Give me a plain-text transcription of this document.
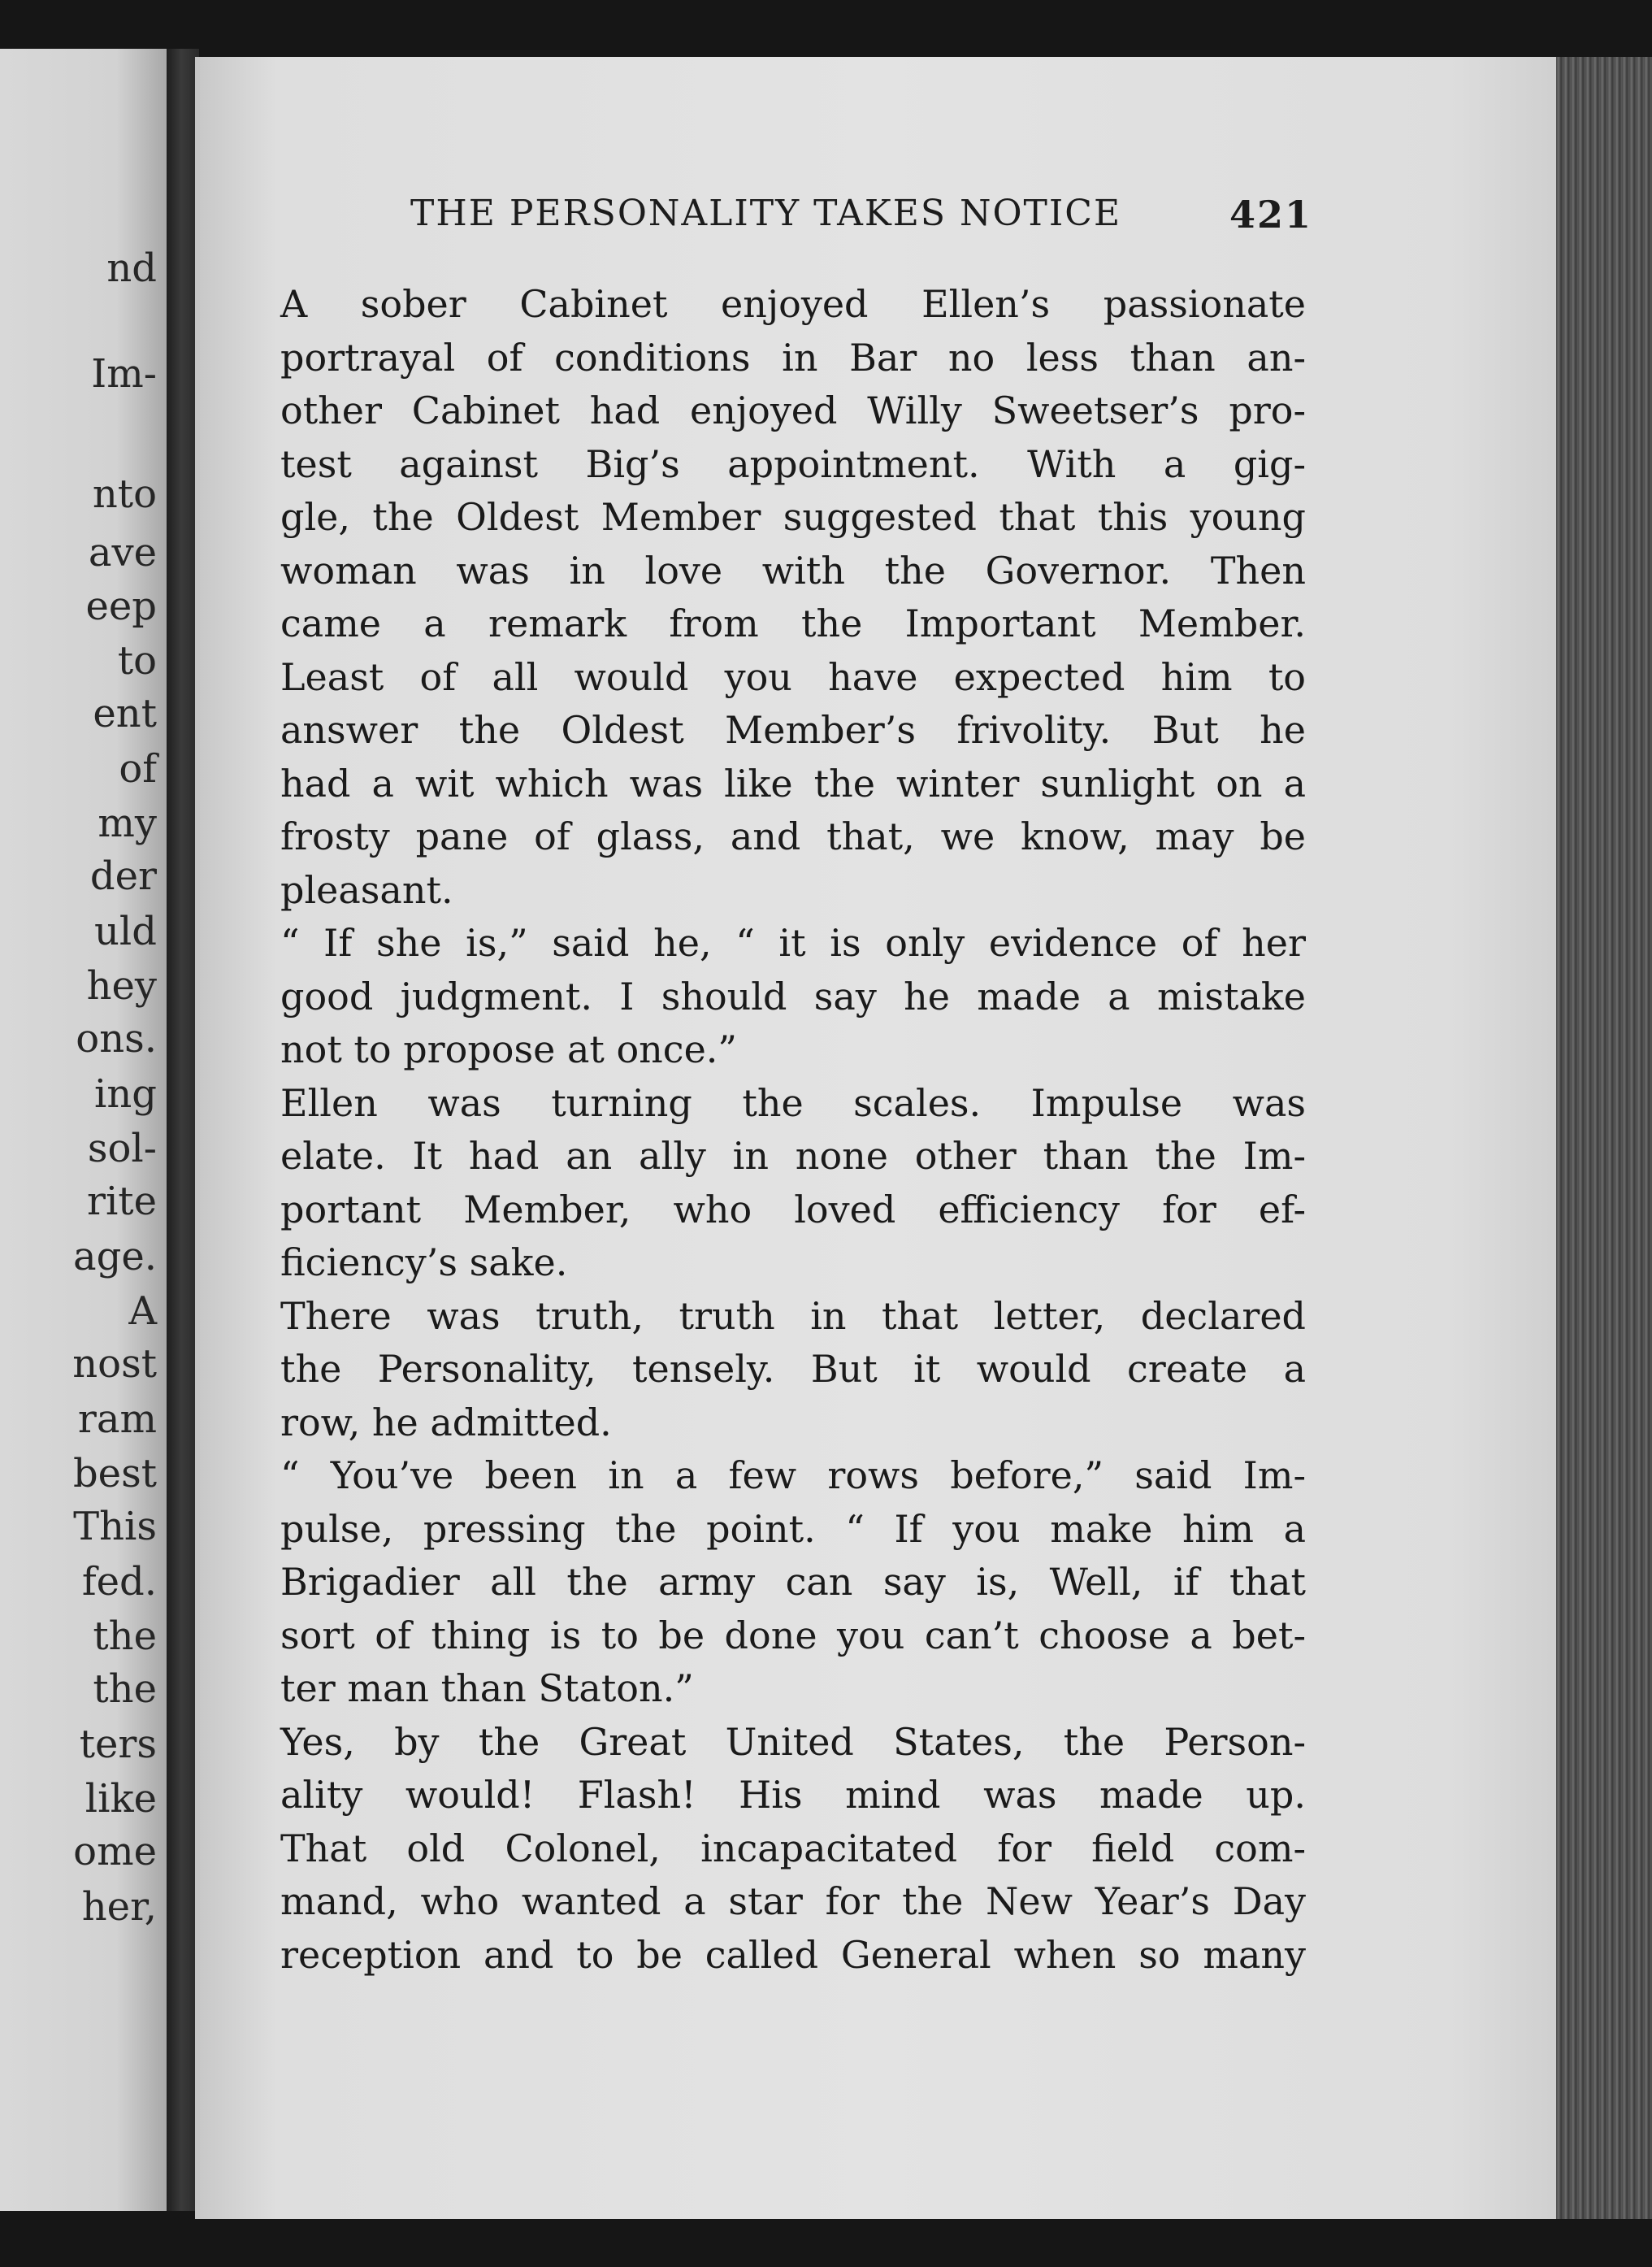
nd
Im-
nto
ave
eep
to
ent
of
my
der
uld
hey
ons.
ing
sol-
rite
age.
A
nost
ram
best
This
fed.
the
the
ters
like
ome
her,
THE PERSONALITY TAKES NOTICE	421
A sober Cabinet enjoyed Ellen’s passionate
portrayal of conditions in Bar no less than an-
other Cabinet had enjoyed Willy Sweetser’s pro-
test against Big’s appointment. With a gig-
gle, the Oldest Member suggested that this young
woman was in love with the Governor. Then
came a remark from the Important Member.
Least of all would you have expected him to
answer the Oldest Member’s frivolity. But he
had a wit which was like the winter sunlight on a
frosty pane of glass, and that, we know, may be
pleasant.
“ If she is,” said he, “ it is only evidence of her
good judgment. I should say he made a mistake
not to propose at once.”
Ellen was turning the scales. Impulse was
elate. It had an ally in none other than the Im-
portant Member, who loved efficiency for ef-
ficiency’s sake.
There was truth, truth in that letter, declared
the Personality, tensely. But it would create a
row, he admitted.
“ You’ve been in a few rows before,” said Im-
pulse, pressing the point. “ If you make him a
Brigadier all the army can say is, Well, if that
sort of thing is to be done you can’t choose a bet-
ter man than Staton.”
Yes, by the Great United States, the Person-
ality would! Flash! His mind was made up.
That old Colonel, incapacitated for field com-
mand, who wanted a star for the New Year’s Day
reception and to be called General when so many
